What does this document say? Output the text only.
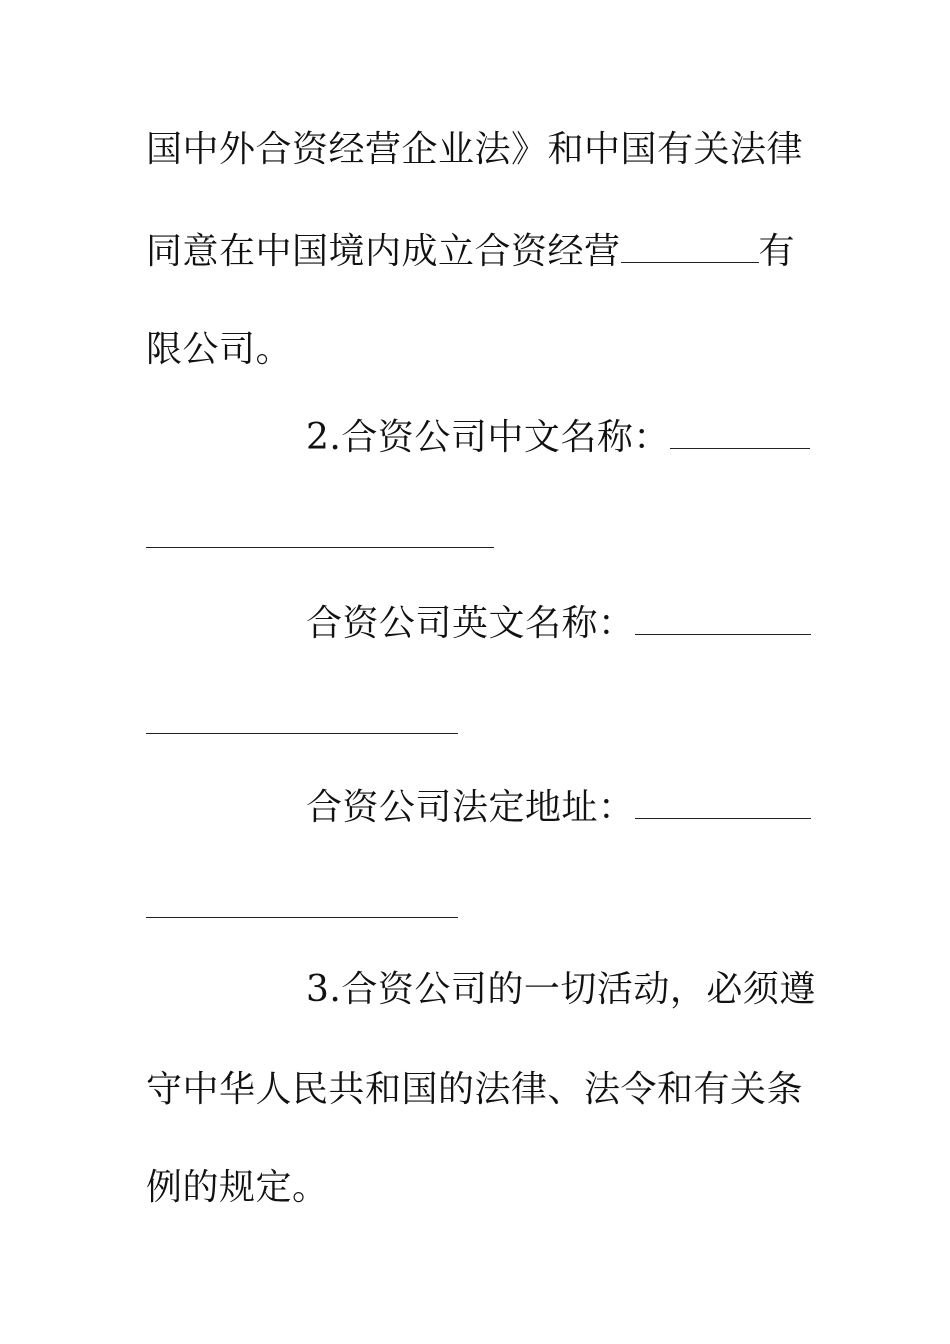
国中外合资经营企业法》和中国有关法律
同意在中国境内成立合资经营	有
限公司。
2.合资公司中文名称：
合资公司英文名称：
合资公司法定地址：
3.合资公司的一切活动，必须遵
守中华人民共和国的法律、法令和有关条
例的规定。
